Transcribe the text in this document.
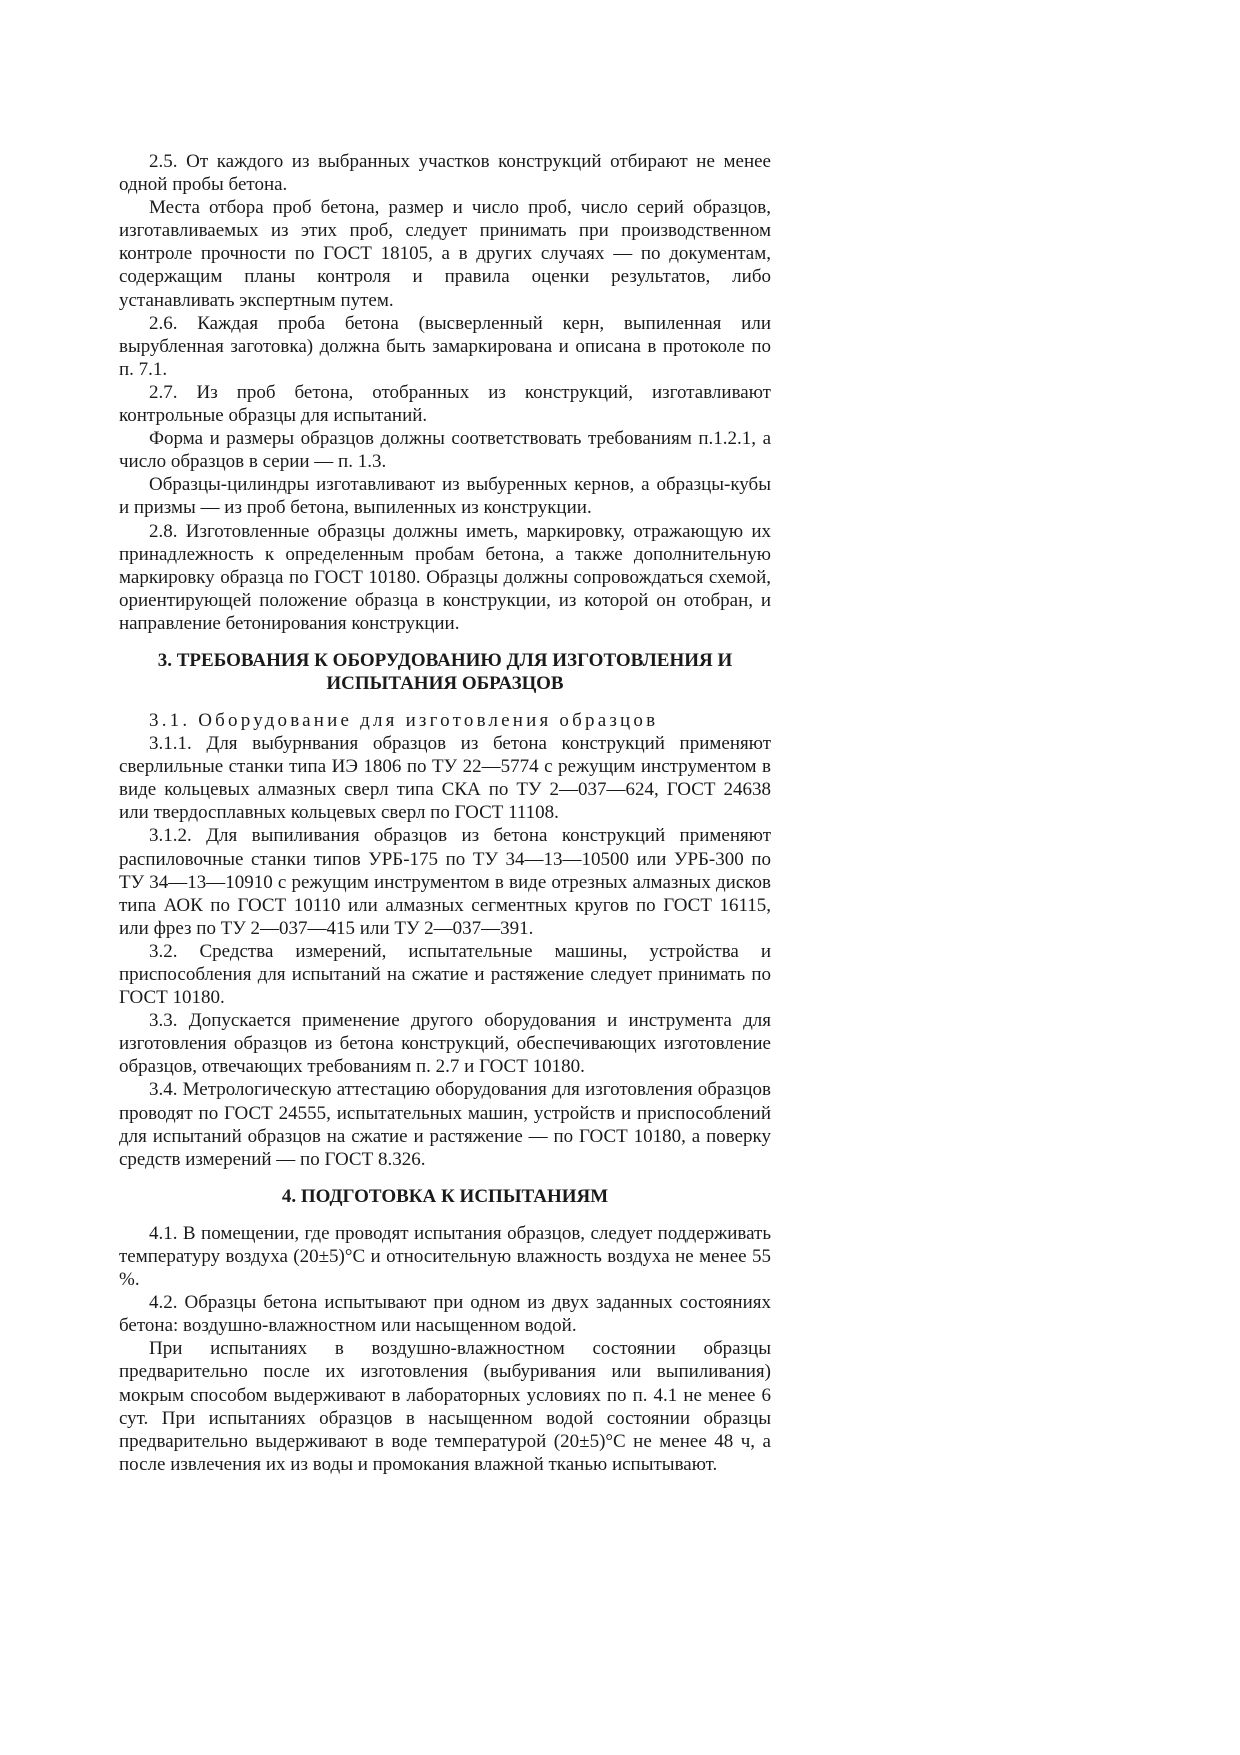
2.5. От каждого из выбранных участков конструкций отбирают не менее одной пробы бетона.

Места отбора проб бетона, размер и число проб, число серий образцов, изготавливаемых из этих проб, следует принимать при производственном контроле прочности по ГОСТ 18105, а в других случаях — по документам, содержащим планы контроля и правила оценки результатов, либо устанавливать экспертным путем.

2.6. Каждая проба бетона (высверленный керн, выпиленная или вырубленная заготовка) должна быть замаркирована и описана в протоколе по п. 7.1.

2.7. Из проб бетона, отобранных из конструкций, изготавливают контрольные образцы для испытаний.

Форма и размеры образцов должны соответствовать требованиям п.1.2.1, а число образцов в серии — п. 1.3.

Образцы-цилиндры изготавливают из выбуренных кернов, а образцы-кубы и призмы — из проб бетона, выпиленных из конструкции.

2.8. Изготовленные образцы должны иметь, маркировку, отражающую их принадлежность к определенным пробам бетона, а также дополнительную маркировку образца по ГОСТ 10180. Образцы должны сопровождаться схемой, ориентирующей положение образца в конструкции, из которой он отобран, и направление бетонирования конструкции.

3. ТРЕБОВАНИЯ К ОБОРУДОВАНИЮ ДЛЯ ИЗГОТОВЛЕНИЯ И ИСПЫТАНИЯ ОБРАЗЦОВ

3.1. Оборудование для изготовления образцов

3.1.1. Для выбурнвания образцов из бетона конструкций применяют сверлильные станки типа ИЭ 1806 по ТУ 22—5774 с режущим инструментом в виде кольцевых алмазных сверл типа СКА по ТУ 2—037—624, ГОСТ 24638 или твердосплавных кольцевых сверл по ГОСТ 11108.

3.1.2. Для выпиливания образцов из бетона конструкций применяют распиловочные станки типов УРБ-175 по ТУ 34—13—10500 или УРБ-300 по ТУ 34—13—10910 с режущим инструментом в виде отрезных алмазных дисков типа АОК по ГОСТ 10110 или алмазных сегментных кругов по ГОСТ 16115, или фрез по ТУ 2—037—415 или ТУ 2—037—391.

3.2. Средства измерений, испытательные машины, устройства и приспособления для испытаний на сжатие и растяжение следует принимать по ГОСТ 10180.

3.3. Допускается применение другого оборудования и инструмента для изготовления образцов из бетона конструкций, обеспечивающих изготовление образцов, отвечающих требованиям п. 2.7 и ГОСТ 10180.

3.4. Метрологическую аттестацию оборудования для изготовления образцов проводят по ГОСТ 24555, испытательных машин, устройств и приспособлений для испытаний образцов на сжатие и растяжение — по ГОСТ 10180, а поверку средств измерений — по ГОСТ 8.326.

4. ПОДГОТОВКА К ИСПЫТАНИЯМ

4.1. В помещении, где проводят испытания образцов, следует поддерживать температуру воздуха (20±5)°С и относительную влажность воздуха не менее 55 %.

4.2. Образцы бетона испытывают при одном из двух заданных состояниях бетона: воздушно-влажностном или насыщенном водой.

При испытаниях в воздушно-влажностном состоянии образцы предварительно после их изготовления (выбуривания или выпиливания) мокрым способом выдерживают в лабораторных условиях по п. 4.1 не менее 6 сут. При испытаниях образцов в насыщенном водой состоянии образцы предварительно выдерживают в воде температурой (20±5)°С не менее 48 ч, а после извлечения их из воды и промокания влажной тканью испытывают.
